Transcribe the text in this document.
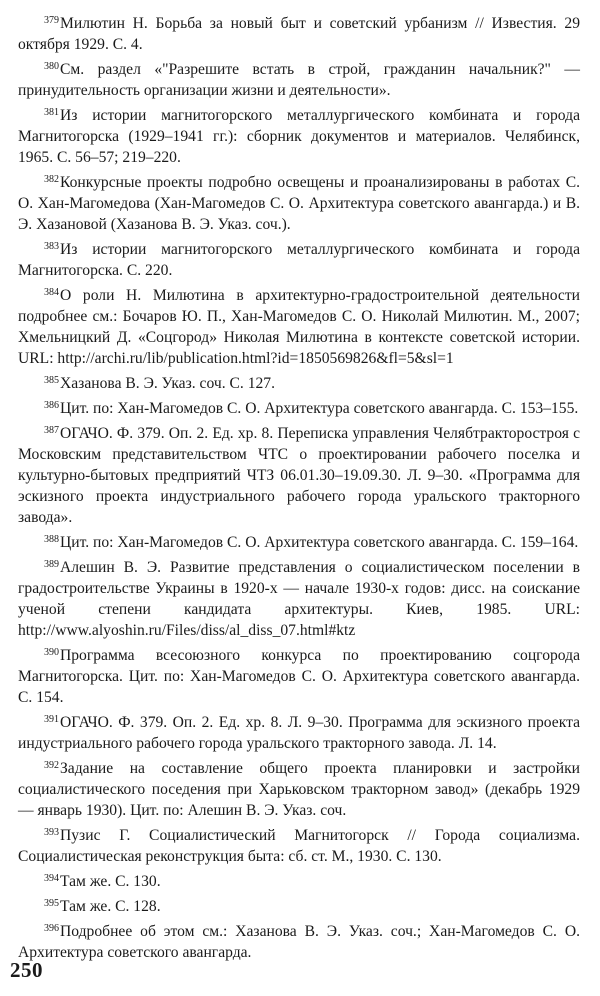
$^{379}$Милютин Н. Борьба за новый быт и советский урбанизм // Известия. 29 октября 1929. С. 4.

$^{380}$См. раздел «"Разрешите встать в строй, гражданин начальник?" — принудительность организации жизни и деятельности».

$^{381}$Из истории магнитогорского металлургического комбината и города Магнитогорска (1929–1941 гг.): сборник документов и материалов. Челябинск, 1965. С. 56–57; 219–220.

$^{382}$Конкурсные проекты подробно освещены и проанализированы в работах С. О. Хан-Магомедова (Хан-Магомедов С. О. Архитектура советского авангарда.) и В. Э. Хазановой (Хазанова В. Э. Указ. соч.).

$^{383}$Из истории магнитогорского металлургического комбината и города Магнитогорска. С. 220.

$^{384}$О роли Н. Милютина в архитектурно-градостроительной деятельности подробнее см.: Бочаров Ю. П., Хан-Магомедов С. О. Николай Милютин. М., 2007; Хмельницкий Д. «Соцгород» Николая Милютина в контексте советской истории. URL: http://archi.ru/lib/publication.html?id=1850569826&fl=5&sl=1

$^{385}$Хазанова В. Э. Указ. соч. С. 127.

$^{386}$Цит. по: Хан-Магомедов С. О. Архитектура советского авангарда. С. 153–155.

$^{387}$ОГАЧО. Ф. 379. Оп. 2. Ед. хр. 8. Переписка управления Челябтракторостроя с Московским представительством ЧТС о проектировании рабочего поселка и культурно-бытовых предприятий ЧТЗ 06.01.30–19.09.30. Л. 9–30. «Программа для эскизного проекта индустриального рабочего города уральского тракторного завода».

$^{388}$Цит. по: Хан-Магомедов С. О. Архитектура советского авангарда. С. 159–164.

$^{389}$Алешин В. Э. Развитие представления о социалистическом поселении в градостроительстве Украины в 1920-х — начале 1930-х годов: дисс. на соискание ученой степени кандидата архитектуры. Киев, 1985. URL: http://www.alyoshin.ru/Files/diss/al_diss_07.html#ktz

$^{390}$Программа всесоюзного конкурса по проектированию соцгорода Магнитогорска. Цит. по: Хан-Магомедов С. О. Архитектура советского авангарда. С. 154.

$^{391}$ОГАЧО. Ф. 379. Оп. 2. Ед. хр. 8. Л. 9–30. Программа для эскизного проекта индустриального рабочего города уральского тракторного завода. Л. 14.

$^{392}$Задание на составление общего проекта планировки и застройки социалистического поседения при Харьковском тракторном завод» (декабрь 1929 — январь 1930). Цит. по: Алешин В. Э. Указ. соч.

$^{393}$Пузис Г. Социалистический Магнитогорск // Города социализма. Социалистическая реконструкция быта: сб. ст. М., 1930. С. 130.

$^{394}$Там же. С. 130.

$^{395}$Там же. С. 128.

$^{396}$Подробнее об этом см.: Хазанова В. Э. Указ. соч.; Хан-Магомедов С. О. Архитектура советского авангарда.

250
